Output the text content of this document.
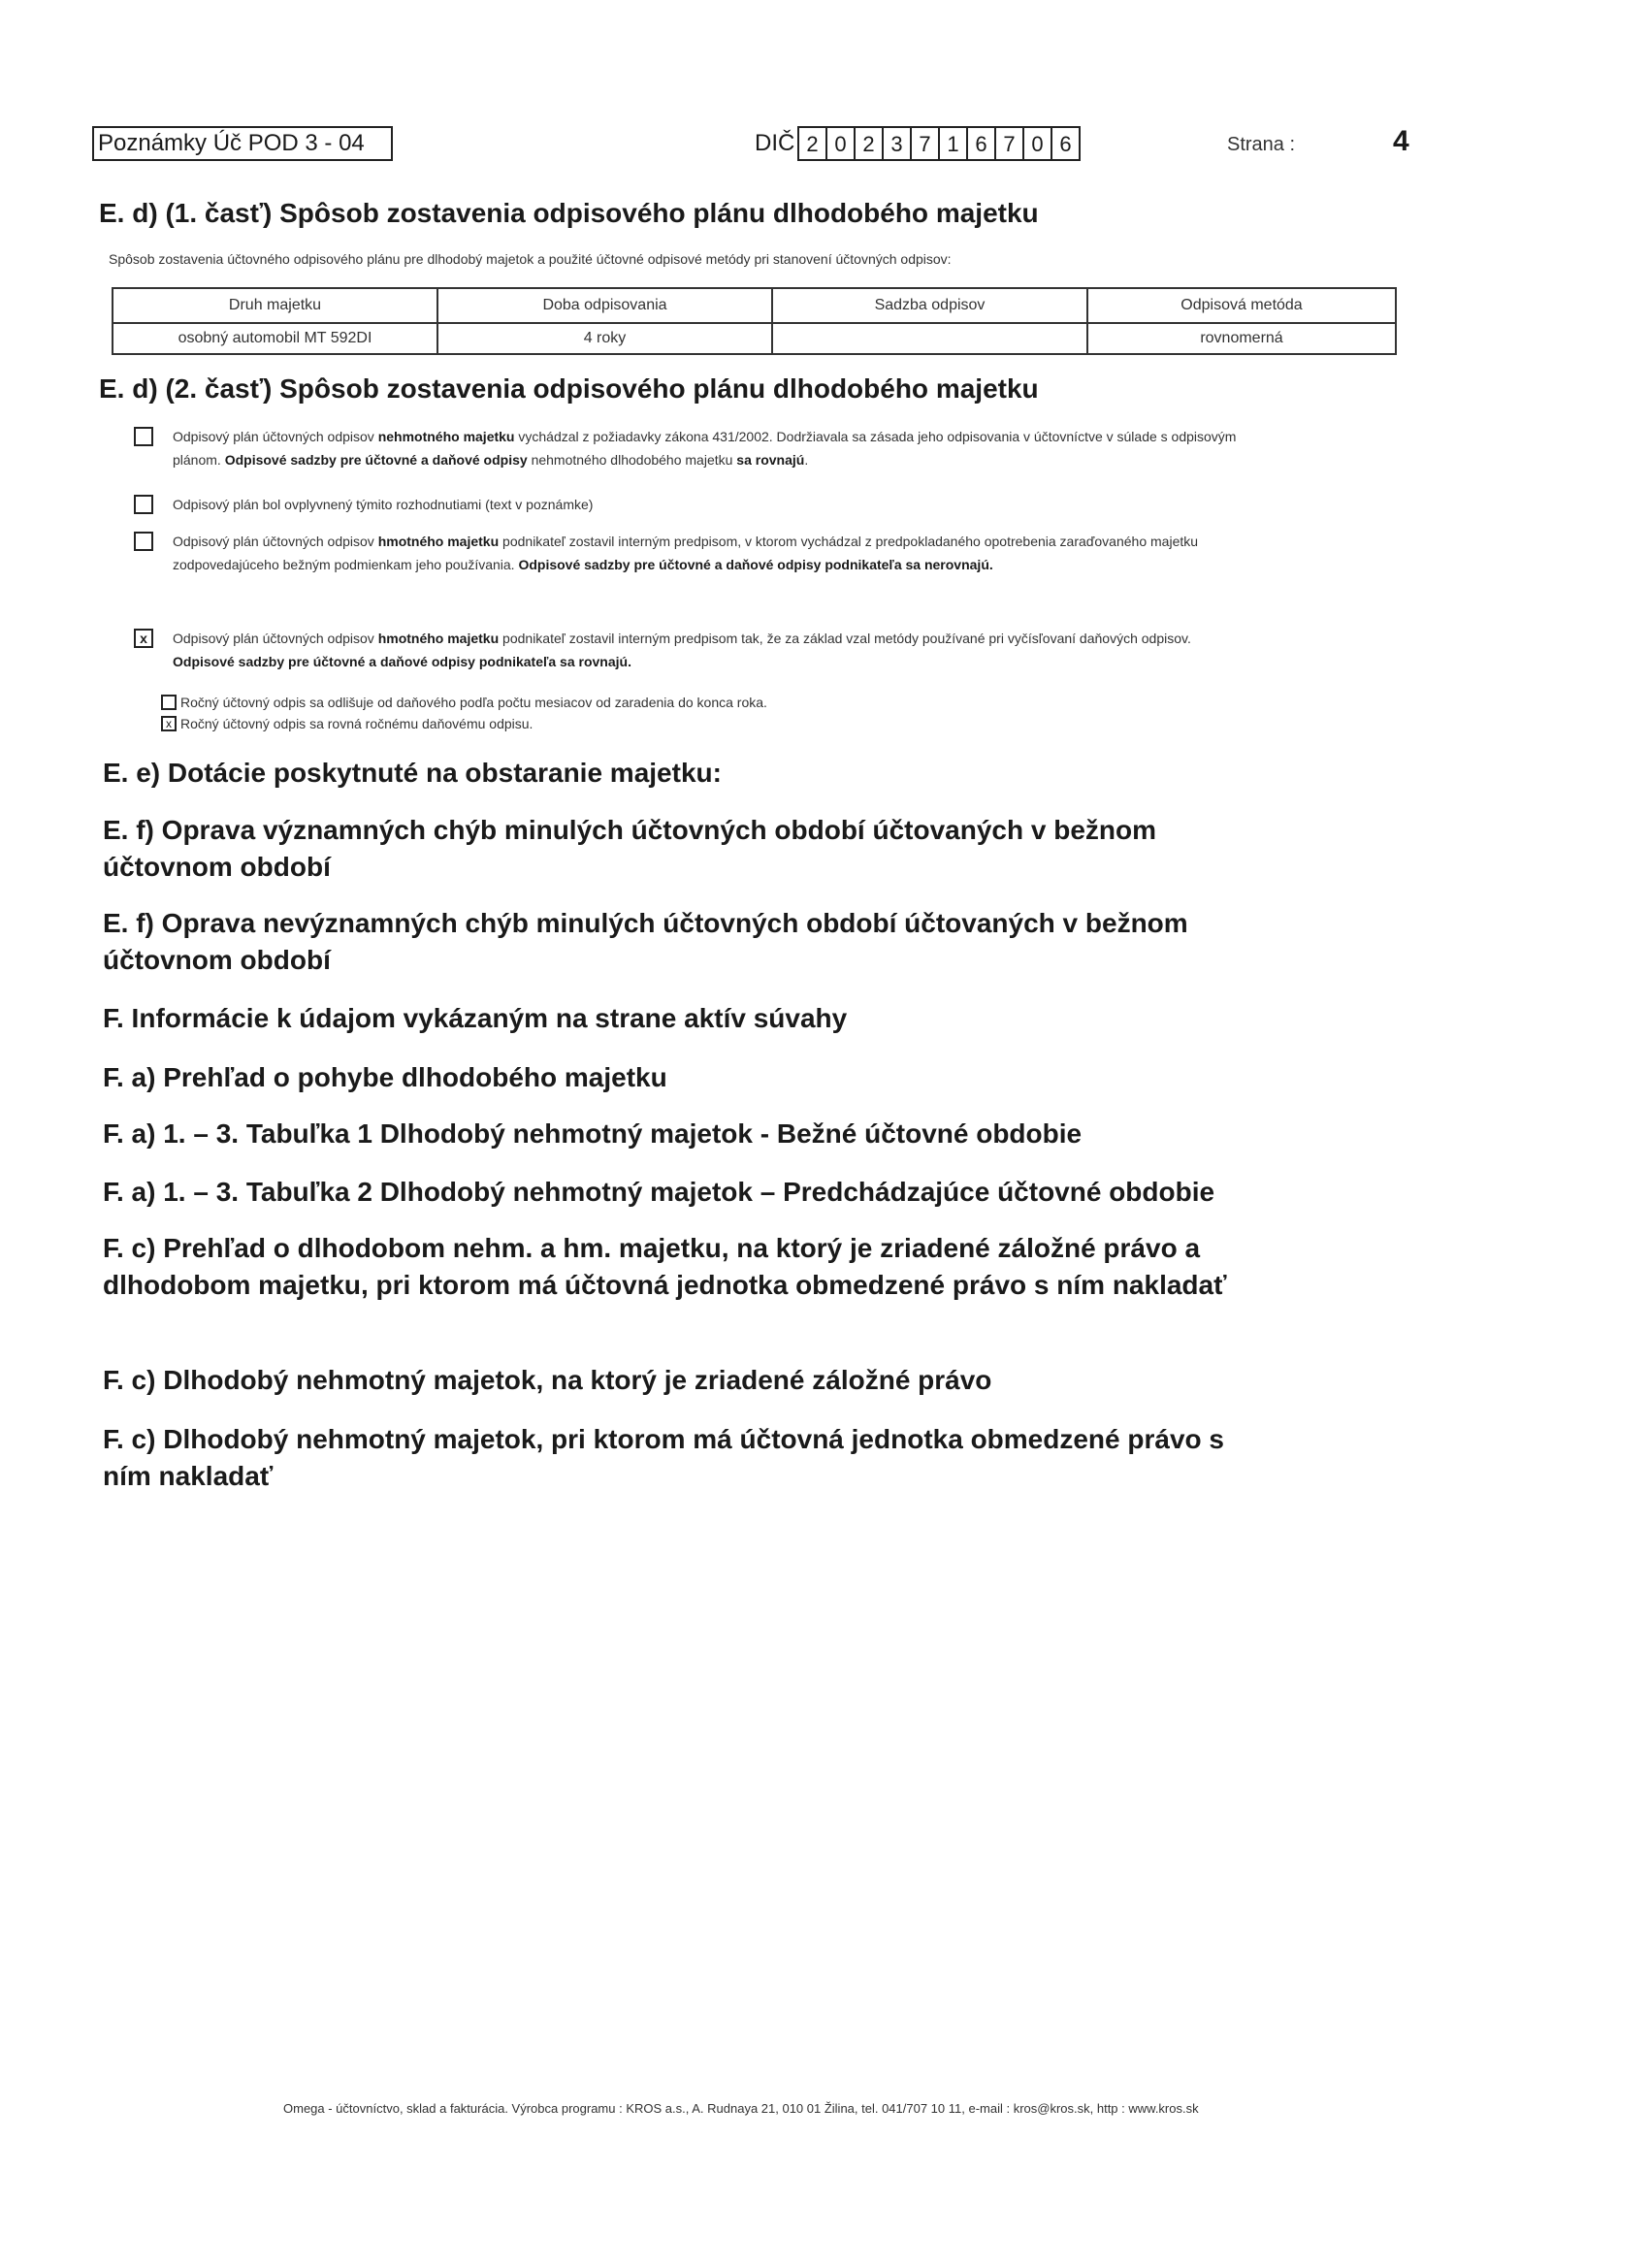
Poznámky Úč POD 3 - 04	DIČ 2 0 2 3 7 1 6 7 0 6	Strana :	4
E. d) (1. časť) Spôsob zostavenia odpisového plánu dlhodobého majetku
Spôsob zostavenia účtovného odpisového plánu pre dlhodobý majetok a použité účtovné odpisové metódy pri stanovení účtovných odpisov:
Druh majetku	Doba odpisovania	Sadzba odpisov	Odpisová metóda
osobný automobil MT 592DI	4 roky		rovnomerná
E. d) (2. časť) Spôsob zostavenia odpisového plánu dlhodobého majetku
Odpisový plán účtovných odpisov nehmotného majetku vychádzal z požiadavky zákona 431/2002. Dodržiavala sa zásada jeho odpisovania v účtovníctve v súlade s odpisovým plánom. Odpisové sadzby pre účtovné a daňové odpisy nehmotného dlhodobého majetku sa rovnajú.
Odpisový plán bol ovplyvnený týmito rozhodnutiami (text v poznámke)
Odpisový plán účtovných odpisov hmotného majetku podnikateľ zostavil interným predpisom, v ktorom vychádzal z predpokladaného opotrebenia zaraďovaného majetku zodpovedajúceho bežným podmienkam jeho používania. Odpisové sadzby pre účtovné a daňové odpisy podnikateľa sa nerovnajú.
x	Odpisový plán účtovných odpisov hmotného majetku podnikateľ zostavil interným predpisom tak, že za základ vzal metódy používané pri vyčísľovaní daňových odpisov. Odpisové sadzby pre účtovné a daňové odpisy podnikateľa sa rovnajú.
Ročný účtovný odpis sa odlišuje od daňového podľa počtu mesiacov od zaradenia do konca roka.
x Ročný účtovný odpis sa rovná ročnému daňovému odpisu.
E. e) Dotácie poskytnuté na obstaranie majetku:
E. f) Oprava významných chýb minulých účtovných období účtovaných v bežnom účtovnom období
E. f) Oprava nevýznamných chýb minulých účtovných období účtovaných v bežnom účtovnom období
F. Informácie k údajom vykázaným na strane aktív súvahy
F. a) Prehľad o pohybe dlhodobého majetku
F. a) 1. – 3. Tabuľka 1 Dlhodobý nehmotný majetok - Bežné účtovné obdobie
F. a) 1. – 3. Tabuľka 2 Dlhodobý nehmotný majetok – Predchádzajúce účtovné obdobie
F. c) Prehľad o dlhodobom nehm. a hm. majetku, na ktorý je zriadené záložné právo a dlhodobom majetku, pri ktorom má účtovná jednotka obmedzené právo s ním nakladať
F. c) Dlhodobý nehmotný majetok, na ktorý je zriadené záložné právo
F. c) Dlhodobý nehmotný majetok, pri ktorom má účtovná jednotka obmedzené právo s ním nakladať
Omega - účtovníctvo, sklad a fakturácia. Výrobca programu : KROS a.s., A. Rudnaya 21, 010 01 Žilina, tel. 041/707 10 11, e-mail : kros@kros.sk, http : www.kros.sk
